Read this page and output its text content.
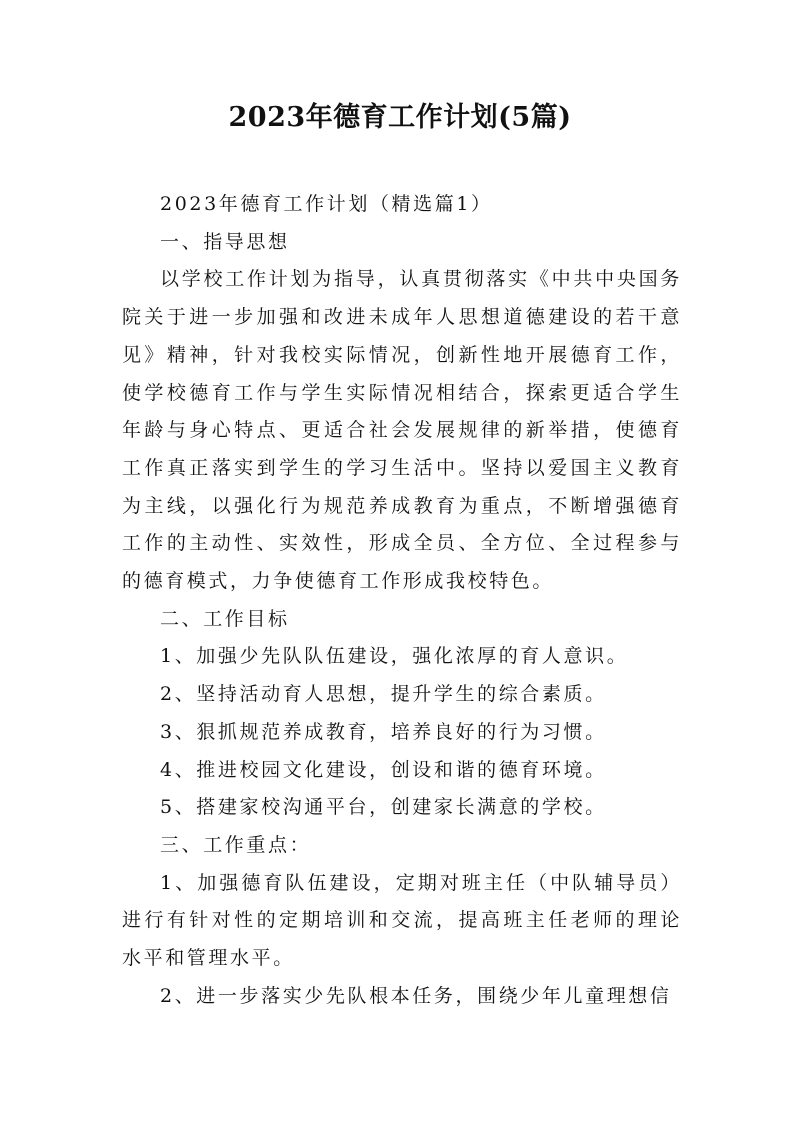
2023年德育工作计划(5篇)

2023年德育工作计划（精选篇1）

一、指导思想

以学校工作计划为指导，认真贯彻落实《中共中央国务院关于进一步加强和改进未成年人思想道德建设的若干意见》精神，针对我校实际情况，创新性地开展德育工作，使学校德育工作与学生实际情况相结合，探索更适合学生年龄与身心特点、更适合社会发展规律的新举措，使德育工作真正落实到学生的学习生活中。坚持以爱国主义教育为主线，以强化行为规范养成教育为重点，不断增强德育工作的主动性、实效性，形成全员、全方位、全过程参与的德育模式，力争使德育工作形成我校特色。

二、工作目标

1、加强少先队队伍建设，强化浓厚的育人意识。

2、坚持活动育人思想，提升学生的综合素质。

3、狠抓规范养成教育，培养良好的行为习惯。

4、推进校园文化建设，创设和谐的德育环境。

5、搭建家校沟通平台，创建家长满意的学校。

三、工作重点：

1、加强德育队伍建设，定期对班主任（中队辅导员）进行有针对性的定期培训和交流，提高班主任老师的理论水平和管理水平。

2、进一步落实少先队根本任务，围绕少年儿童理想信
